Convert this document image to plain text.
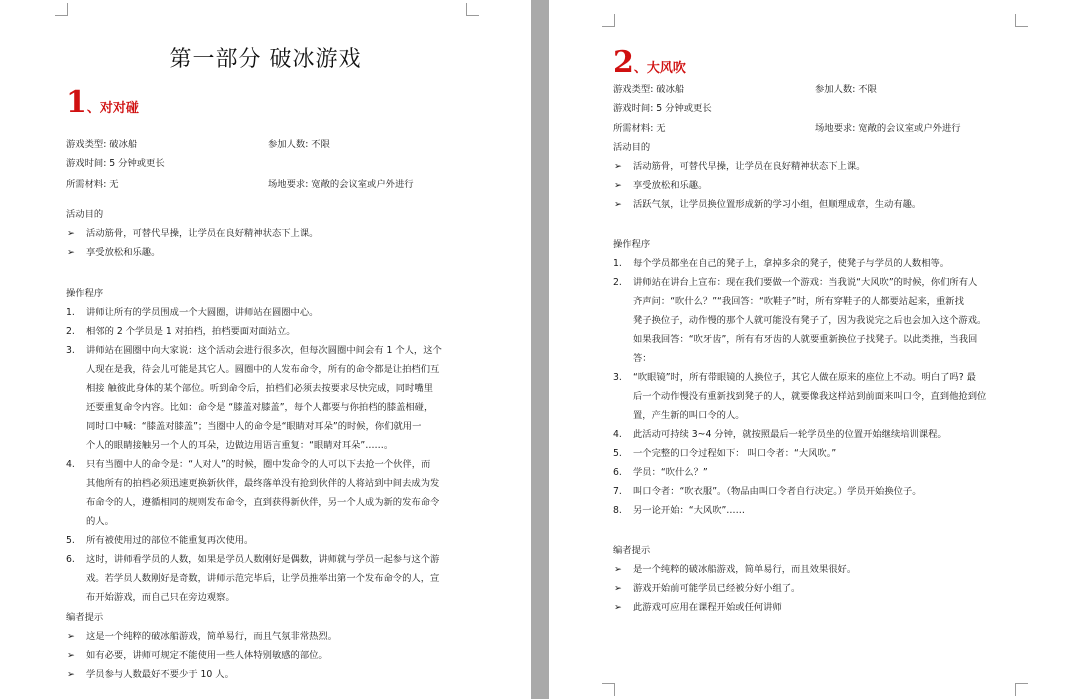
第一部分 破冰游戏
1、对对碰
游戏类型: 破冰船	参加人数: 不限
游戏时间: 5 分钟或更长
所需材料: 无	场地要求: 宽敞的会议室或户外进行
活动目的
➢ 活动筋骨，可替代早操，让学员在良好精神状态下上课。
➢ 享受放松和乐趣。
操作程序
1. 讲师让所有的学员围成一个大圆圈，讲师站在圆圈中心。
2. 相邻的 2 个学员是 1 对拍档，拍档要面对面站立。
3. 讲师站在圆圈中向大家说：这个活动会进行很多次，但每次圆圈中间会有 1 个人，这个
人现在是我，待会儿可能是其它人。圆圈中的人发布命令，所有的命令都是让拍档们互
相接 触彼此身体的某个部位。听到命令后，拍档们必须去按要求尽快完成，同时嘴里
还要重复命令内容。比如：命令是 “膝盖对膝盖”，每个人都要与你拍档的膝盖相碰，
同时口中喊：“膝盖对膝盖”；当圈中人的命令是“眼睛对耳朵”的时候，你们就用一
个人的眼睛接触另一个人的耳朵，边做边用语言重复：“眼睛对耳朵”……。
4. 只有当圈中人的命令是：“人对人”的时候，圈中发命令的人可以下去抢一个伙伴，而
其他所有的拍档必须迅速更换新伙伴，最终落单没有抢到伙伴的人将站到中间去成为发
布命令的人，遵循相同的规则发布命令，直到获得新伙伴，另一个人成为新的发布命令
的人。
5. 所有被使用过的部位不能重复再次使用。
6. 这时，讲师看学员的人数，如果是学员人数刚好是偶数，讲师就与学员一起参与这个游
戏。若学员人数刚好是奇数，讲师示范完毕后，让学员推举出第一个发布命令的人，宣
布开始游戏，而自己只在旁边观察。
编者提示
➢ 这是一个纯粹的破冰船游戏，简单易行，而且气氛非常热烈。
➢ 如有必要，讲师可规定不能使用一些人体特别敏感的部位。
➢ 学员参与人数最好不要少于 10 人。
2、大风吹
游戏类型: 破冰船	参加人数: 不限
游戏时间: 5 分钟或更长
所需材料: 无	场地要求: 宽敞的会议室或户外进行
活动目的
➢ 活动筋骨，可替代早操，让学员在良好精神状态下上课。
➢ 享受放松和乐趣。
➢ 活跃气氛，让学员换位置形成新的学习小组，但顺理成章，生动有趣。
操作程序
1. 每个学员都坐在自己的凳子上，拿掉多余的凳子，使凳子与学员的人数相等。
2. 讲师站在讲台上宣布：现在我们要做一个游戏：当我说“大风吹”的时候，你们所有人
齐声问：“吹什么？”“我回答：“吹鞋子”时，所有穿鞋子的人都要站起来，重新找
凳子换位子，动作慢的那个人就可能没有凳子了，因为我说完之后也会加入这个游戏。
如果我回答：“吹牙齿”，所有有牙齿的人就要重新换位子找凳子。以此类推，当我回
答：
3. “吹眼镜”时，所有带眼镜的人换位子，其它人做在原来的座位上不动。明白了吗? 最
后一个动作慢没有重新找到凳子的人，就要像我这样站到前面来叫口令，直到他抢到位
置，产生新的叫口令的人。
4. 此活动可持续 3~4 分钟，就按照最后一轮学员坐的位置开始继续培训课程。
5. 一个完整的口令过程如下： 叫口令者：“大风吹。”
6. 学员：“吹什么？”
7. 叫口令者：“吹衣服”。（物品由叫口令者自行决定。）学员开始换位子。
8. 另一论开始：“大风吹”……
编者提示
➢ 是一个纯粹的破冰船游戏，简单易行，而且效果很好。
➢ 游戏开始前可能学员已经被分好小组了。
➢ 此游戏可应用在课程开始或任何讲师
